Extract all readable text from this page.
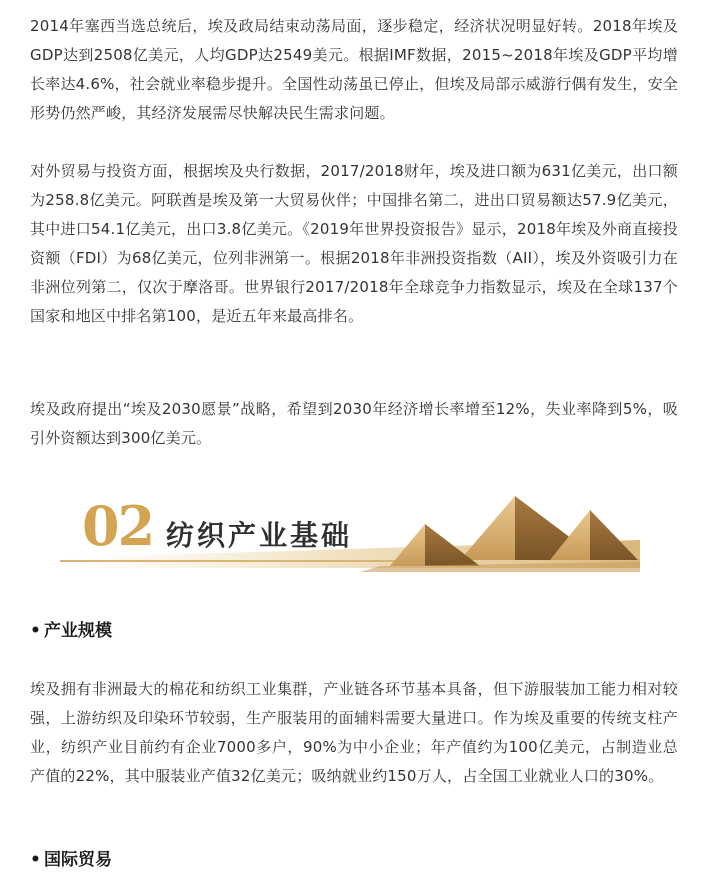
2014年塞西当选总统后，埃及政局结束动荡局面，逐步稳定，经济状况明显好转。2018年埃及GDP达到2508亿美元，人均GDP达2549美元。根据IMF数据，2015~2018年埃及GDP平均增长率达4.6%，社会就业率稳步提升。全国性动荡虽已停止，但埃及局部示威游行偶有发生，安全形势仍然严峻，其经济发展需尽快解决民生需求问题。

对外贸易与投资方面，根据埃及央行数据，2017/2018财年，埃及进口额为631亿美元，出口额为258.8亿美元。阿联酋是埃及第一大贸易伙伴；中国排名第二，进出口贸易额达57.9亿美元，其中进口54.1亿美元，出口3.8亿美元。《2019年世界投资报告》显示，2018年埃及外商直接投资额（FDI）为68亿美元，位列非洲第一。根据2018年非洲投资指数（AII），埃及外资吸引力在非洲位列第二，仅次于摩洛哥。世界银行2017/2018年全球竞争力指数显示，埃及在全球137个国家和地区中排名第100，是近五年来最高排名。

埃及政府提出“埃及2030愿景”战略，希望到2030年经济增长率增至12%，失业率降到5%，吸引外资额达到300亿美元。

02 纺织产业基础

• 产业规模

埃及拥有非洲最大的棉花和纺织工业集群，产业链各环节基本具备，但下游服装加工能力相对较强，上游纺织及印染环节较弱，生产服装用的面辅料需要大量进口。作为埃及重要的传统支柱产业，纺织产业目前约有企业7000多户，90%为中小企业；年产值约为100亿美元，占制造业总产值的22%，其中服装业产值32亿美元；吸纳就业约150万人，占全国工业就业人口的30%。

• 国际贸易
